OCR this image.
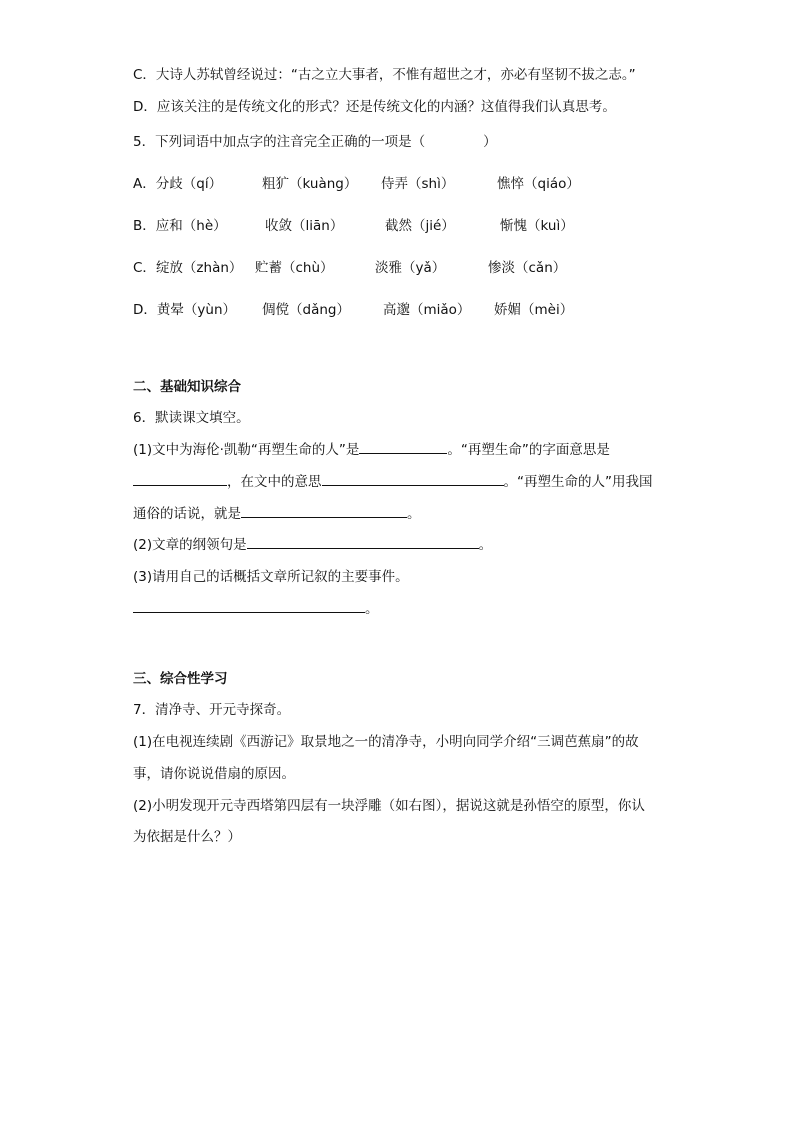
C．大诗人苏轼曾经说过：“古之立大事者，不惟有超世之才，亦必有坚韧不拔之志。”
D．应该关注的是传统文化的形式？还是传统文化的内涵？这值得我们认真思考。
5．下列词语中加点字的注音完全正确的一项是（	）
A．分歧（qí）	粗犷（kuàng） 侍弄（shì）	憔悴（qiáo）
B．应和（hè）	收敛（liān）	截然（jié）	惭愧（kuì）
C．绽放（zhàn） 贮蓄（chù）	淡雅（yǎ）	惨淡（cǎn）
D．黄晕（yùn） 倜傥（dǎng） 高邈（miǎo） 娇媚（mèi）
二、基础知识综合
6．默读课文填空。
(1)文中为海伦·凯勒“再塑生命的人”是	。“再塑生命”的字面意思是
，在文中的意思	。“再塑生命的人”用我国
通俗的话说，就是	。
(2)文章的纲领句是	。
(3)请用自己的话概括文章所记叙的主要事件。
。
三、综合性学习
7．清净寺、开元寺探奇。
(1)在电视连续剧《西游记》取景地之一的清净寺，小明向同学介绍“三调芭蕉扇”的故
事，请你说说借扇的原因。
(2)小明发现开元寺西塔第四层有一块浮雕（如右图），据说这就是孙悟空的原型，你认
为依据是什么？）
